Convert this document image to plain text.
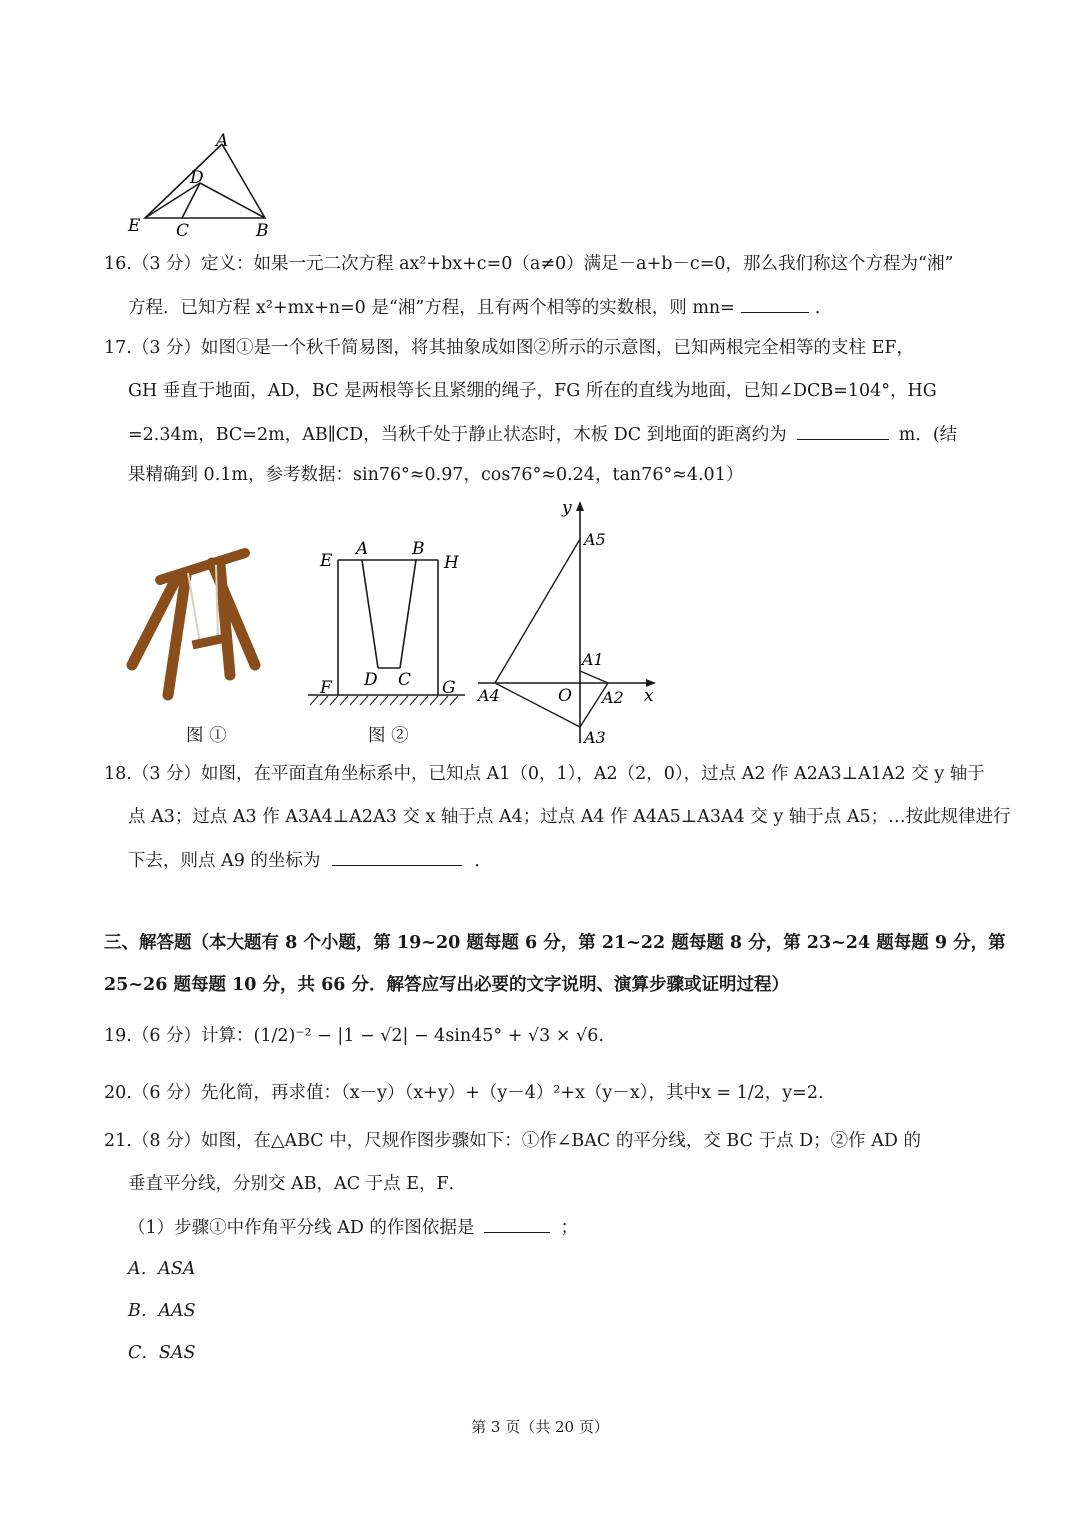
A
D
E C	B
16.（3 分）定义：如果一元二次方程 ax²+bx+c=0（a≠0）满足－a+b－c=0，那么我们称这个方程为“湘”
方程．已知方程 x²+mx+n=0 是“湘”方程，且有两个相等的实数根，则 mn=	．
17.（3 分）如图①是一个秋千简易图，将其抽象成如图②所示的示意图，已知两根完全相等的支柱 EF，
GH 垂直于地面，AD，BC 是两根等长且紧绷的绳子，FG 所在的直线为地面，已知∠DCB=104°，HG
=2.34m，BC=2m，AB∥CD，当秋千处于静止状态时，木板 DC 到地面的距离约为	m．(结
果精确到 0.1m，参考数据：sin76°≈0.97，cos76°≈0.24，tan76°≈4.01）
图 ①
E
A	B
H
F D C G
图 ②
y
A5
A1
A4	O A2
A3
x
18.（3 分）如图，在平面直角坐标系中，已知点 A1（0，1），A2（2，0），过点 A2 作 A2A3⊥A1A2 交 y 轴于
点 A3；过点 A3 作 A3A4⊥A2A3 交 x 轴于点 A4；过点 A4 作 A4A5⊥A3A4 交 y 轴于点 A5；…按此规律进行
下去，则点 A9 的坐标为	．
三、解答题（本大题有 8 个小题，第 19~20 题每题 6 分，第 21~22 题每题 8 分，第 23~24 题每题 9 分，第
25~26 题每题 10 分，共 66 分．解答应写出必要的文字说明、演算步骤或证明过程）
19.（6 分）计算：(1/2)⁻² − |1 − √2| − 4sin45° + √3 × √6.
20.（6 分）先化简，再求值：（x－y）（x+y）+（y－4）²+x（y－x），其中x = 1/2，y=2.
21.（8 分）如图，在△ABC 中，尺规作图步骤如下：①作∠BAC 的平分线，交 BC 于点 D；②作 AD 的
垂直平分线，分别交 AB，AC 于点 E，F．
（1）步骤①中作角平分线 AD 的作图依据是	；
A．ASA
B．AAS
C．SAS
第 3 页（共 20 页）
